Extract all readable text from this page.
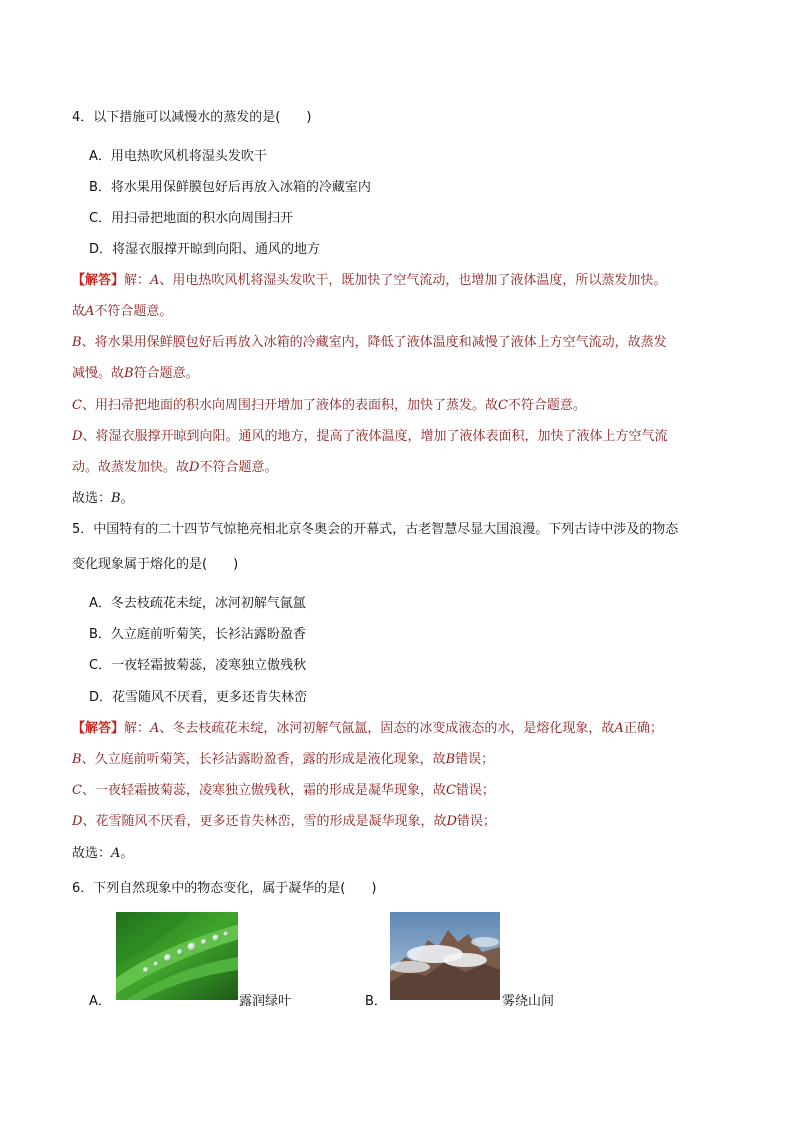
4．以下措施可以减慢水的蒸发的是(　　)
A．用电热吹风机将湿头发吹干
B．将水果用保鲜膜包好后再放入冰箱的冷藏室内
C．用扫帚把地面的积水向周围扫开
D．将湿衣服撑开晾到向阳、通风的地方
【解答】解：A、用电热吹风机将湿头发吹干，既加快了空气流动，也增加了液体温度，所以蒸发加快。
故A不符合题意。
B、将水果用保鲜膜包好后再放入冰箱的冷藏室内，降低了液体温度和减慢了液体上方空气流动，故蒸发
减慢。故B符合题意。
C、用扫帚把地面的积水向周围扫开增加了液体的表面积，加快了蒸发。故C不符合题意。
D、将湿衣服撑开晾到向阳。通风的地方，提高了液体温度，增加了液体表面积，加快了液体上方空气流
动。故蒸发加快。故D不符合题意。
故选：B。
5．中国特有的二十四节气惊艳亮相北京冬奥会的开幕式，古老智慧尽显大国浪漫。下列古诗中涉及的物态
变化现象属于熔化的是(　　)
A．冬去枝疏花未绽，冰河初解气氤氲
B．久立庭前听菊笑，长衫沾露盼盈香
C．一夜轻霜披菊蕊，凌寒独立傲残秋
D．花雪随风不厌看，更多还肯失林峦
【解答】解：A、冬去枝疏花未绽，冰河初解气氤氲，固态的冰变成液态的水，是熔化现象，故A正确；
B、久立庭前听菊笑，长衫沾露盼盈香，露的形成是液化现象，故B错误；
C、一夜轻霜披菊蕊，凌寒独立傲残秋，霜的形成是凝华现象，故C错误；
D、花雪随风不厌看，更多还肯失林峦，雪的形成是凝华现象，故D错误；
故选：A。
6．下列自然现象中的物态变化，属于凝华的是(　　)
A．	露润绿叶	B．	雾绕山间
